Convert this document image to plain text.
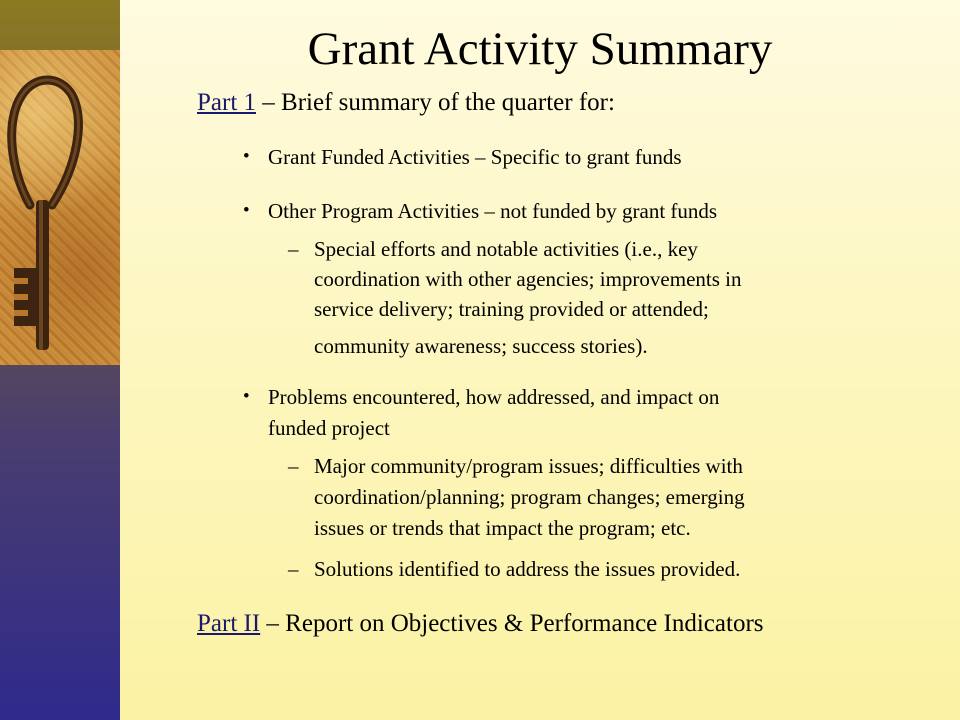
Grant Activity Summary
Part 1 – Brief summary of the quarter for:
• Grant Funded Activities – Specific to grant funds
• Other Program Activities – not funded by grant funds
– Special efforts and notable activities (i.e., key
coordination with other agencies; improvements in
service delivery; training provided or attended;
community awareness; success stories).
• Problems encountered, how addressed, and impact on
funded project
– Major community/program issues; difficulties with
coordination/planning; program changes; emerging
issues or trends that impact the program; etc.
– Solutions identified to address the issues provided.
Part II – Report on Objectives & Performance Indicators
